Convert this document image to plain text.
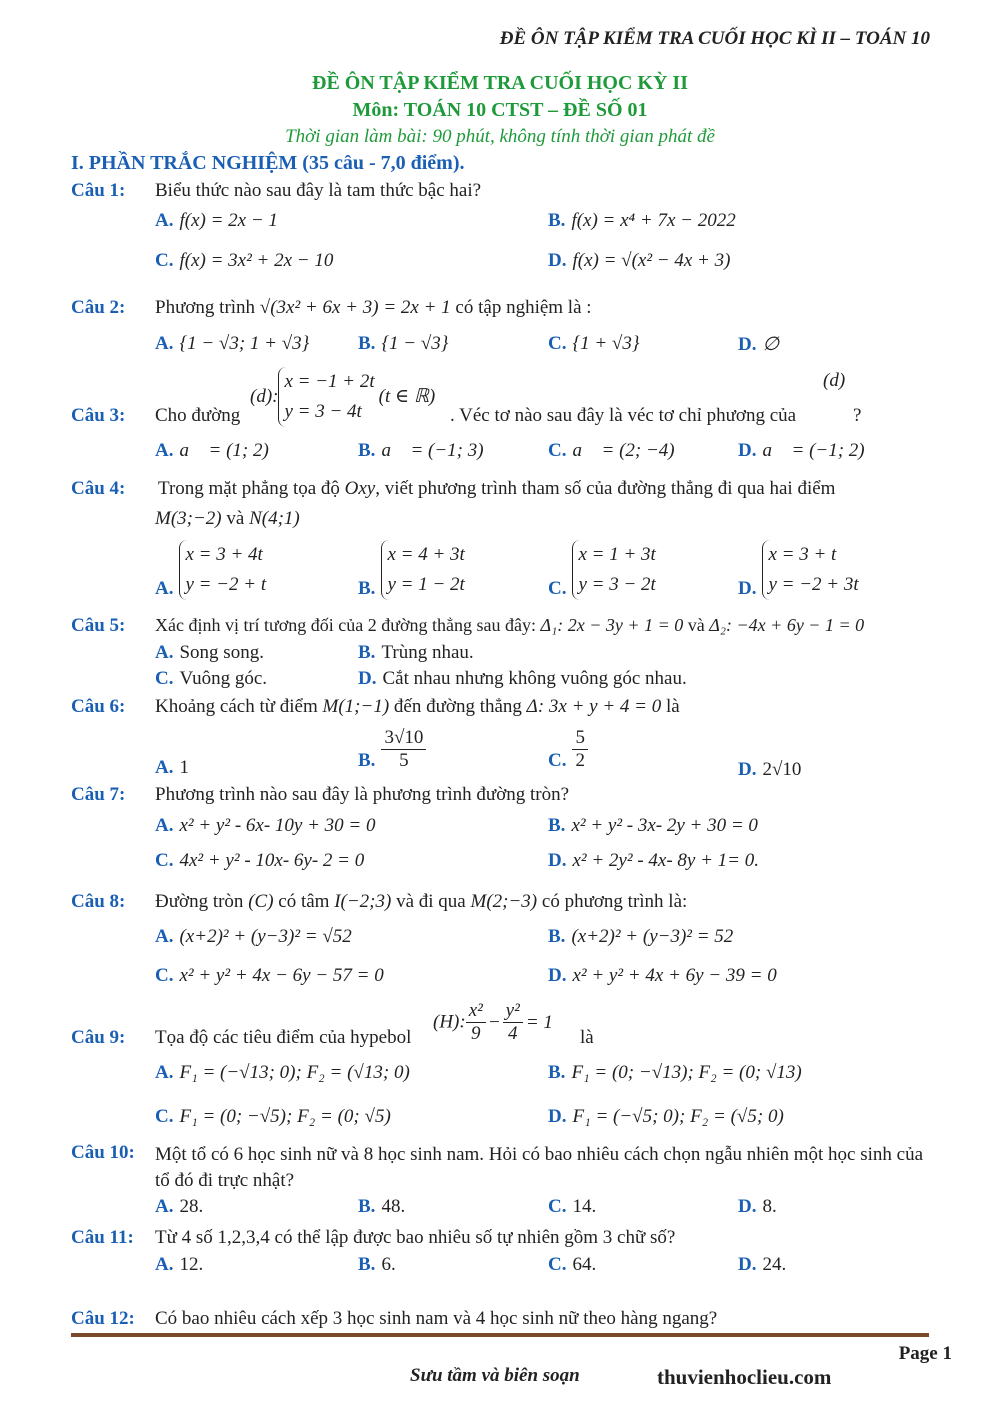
ĐỀ ÔN TẬP KIỂM TRA CUỐI HỌC KÌ II – TOÁN 10
ĐỀ ÔN TẬP KIỂM TRA CUỐI HỌC KỲ II
Môn: TOÁN 10 CTST – ĐỀ SỐ 01
Thời gian làm bài: 90 phút, không tính thời gian phát đề
I. PHẦN TRẮC NGHIỆM (35 câu - 7,0 điểm).
Câu 1: Biểu thức nào sau đây là tam thức bậc hai?
A. f(x) = 2x − 1	B. f(x) = x⁴ + 7x − 2022
C. f(x) = 3x² + 2x − 10	D. f(x) = √(x² − 4x + 3)
Câu 2: Phương trình √(3x² + 6x + 3) = 2x + 1 có tập nghiệm là :
A. {1 − √3; 1 + √3}	B. {1 − √3}	C. {1 + √3}	D. ∅
(d)
Câu 3: Cho đường
(d):
x = −1 + 2t
y = 3 − 4t
(t ∈ ℝ)
. Véc tơ nào sau đây là véc tơ chỉ phương của	?
A. a⃗ = (1; 2)	B. a⃗ = (−1; 3)	C. a⃗ = (2; −4)	D. a⃗ = (−1; 2)
Câu 4: Trong mặt phẳng tọa độ Oxy, viết phương trình tham số của đường thẳng đi qua hai điểm
M(3;−2) và N(4;1)
A.
x = 3 + 4t
y = −2 + t	B.
x = 4 + 3t
y = 1 − 2t	C.
x = 1 + 3t
y = 3 − 2t	D.
x = 3 + t
y = −2 + 3t
Câu 5: Xác định vị trí tương đối của 2 đường thẳng sau đây: Δ₁: 2x − 3y + 1 = 0 và Δ₂: −4x + 6y − 1 = 0
A. Song song.	B. Trùng nhau.
C. Vuông góc.	D. Cắt nhau nhưng không vuông góc nhau.
Câu 6: Khoảng cách từ điểm M(1;−1) đến đường thẳng Δ: 3x + y + 4 = 0 là
A. 1	B. $\frac{3√10}{5}$	C. $\frac{5}{2}$	D. 2√10
Câu 7: Phương trình nào sau đây là phương trình đường tròn?
A. x² + y² - 6x- 10y + 30 = 0	B. x² + y² - 3x- 2y + 30 = 0
C. 4x² + y² - 10x- 6y- 2 = 0	D. x² + 2y² - 4x- 8y + 1= 0.
Câu 8: Đường tròn (C) có tâm I(−2;3) và đi qua M(2;−3) có phương trình là:
A. (x+2)² + (y−3)² = √52	B. (x+2)² + (y−3)² = 52
C. x² + y² + 4x − 6y − 57 = 0	D. x² + y² + 4x + 6y − 39 = 0
Câu 9: Tọa độ các tiêu điểm của hypebol
(H): $\frac{\text{x²}}{9} - \frac{\text{y²}}{4} = 1$
là
A. F₁ = (−√13; 0); F₂ = (√13; 0)	B. F₁ = (0; −√13); F₂ = (0; √13)
C. F₁ = (0; −√5); F₂ = (0; √5)	D. F₁ = (−√5; 0); F₂ = (√5; 0)
Câu 10: Một tổ có 6 học sinh nữ và 8 học sinh nam. Hỏi có bao nhiêu cách chọn ngẫu nhiên một học sinh của tổ đó đi trực nhật?
A. 28.	B. 48.	C. 14.	D. 8.
Câu 11: Từ 4 số 1,2,3,4 có thể lập được bao nhiêu số tự nhiên gồm 3 chữ số?
A. 12.	B. 6.	C. 64.	D. 24.
Câu 12: Có bao nhiêu cách xếp 3 học sinh nam và 4 học sinh nữ theo hàng ngang?
Page 1
Sưu tầm và biên soạn	thuvienhoclieu.com
